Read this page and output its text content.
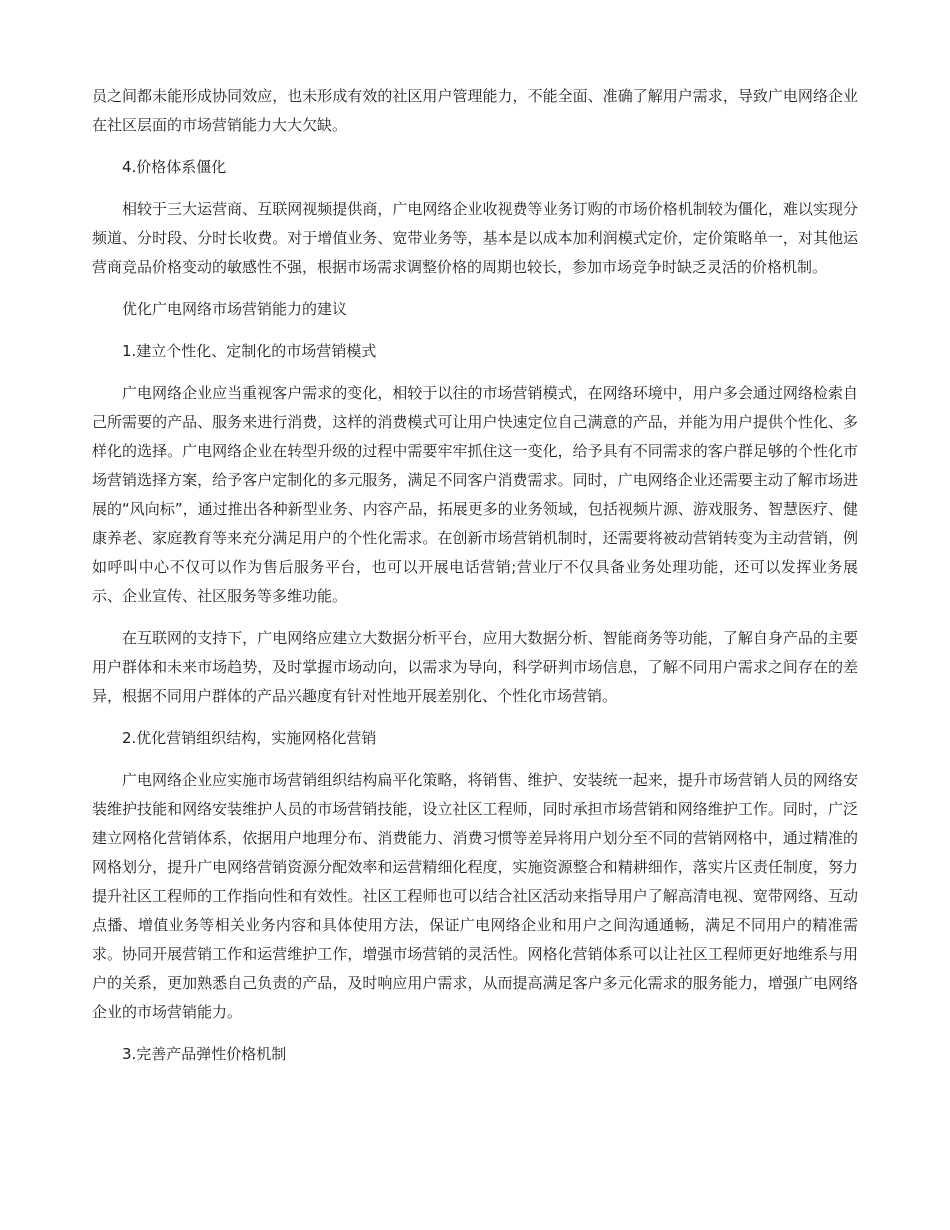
员之间都未能形成协同效应，也未形成有效的社区用户管理能力，不能全面、准确了解用户需求，导致广电网络企业在社区层面的市场营销能力大大欠缺。

4.价格体系僵化

相较于三大运营商、互联网视频提供商，广电网络企业收视费等业务订购的市场价格机制较为僵化，难以实现分频道、分时段、分时长收费。对于增值业务、宽带业务等，基本是以成本加利润模式定价，定价策略单一，对其他运营商竞品价格变动的敏感性不强，根据市场需求调整价格的周期也较长，参加市场竞争时缺乏灵活的价格机制。

优化广电网络市场营销能力的建议

1.建立个性化、定制化的市场营销模式

广电网络企业应当重视客户需求的变化，相较于以往的市场营销模式，在网络环境中，用户多会通过网络检索自己所需要的产品、服务来进行消费，这样的消费模式可让用户快速定位自己满意的产品，并能为用户提供个性化、多样化的选择。广电网络企业在转型升级的过程中需要牢牢抓住这一变化，给予具有不同需求的客户群足够的个性化市场营销选择方案，给予客户定制化的多元服务，满足不同客户消费需求。同时，广电网络企业还需要主动了解市场进展的“风向标”，通过推出各种新型业务、内容产品，拓展更多的业务领域，包括视频片源、游戏服务、智慧医疗、健康养老、家庭教育等来充分满足用户的个性化需求。在创新市场营销机制时，还需要将被动营销转变为主动营销，例如呼叫中心不仅可以作为售后服务平台，也可以开展电话营销;营业厅不仅具备业务处理功能，还可以发挥业务展示、企业宣传、社区服务等多维功能。

在互联网的支持下，广电网络应建立大数据分析平台，应用大数据分析、智能商务等功能，了解自身产品的主要用户群体和未来市场趋势，及时掌握市场动向，以需求为导向，科学研判市场信息，了解不同用户需求之间存在的差异，根据不同用户群体的产品兴趣度有针对性地开展差别化、个性化市场营销。

2.优化营销组织结构，实施网格化营销

广电网络企业应实施市场营销组织结构扁平化策略，将销售、维护、安装统一起来，提升市场营销人员的网络安装维护技能和网络安装维护人员的市场营销技能，设立社区工程师，同时承担市场营销和网络维护工作。同时，广泛建立网格化营销体系，依据用户地理分布、消费能力、消费习惯等差异将用户划分至不同的营销网格中，通过精准的网格划分，提升广电网络营销资源分配效率和运营精细化程度，实施资源整合和精耕细作，落实片区责任制度，努力提升社区工程师的工作指向性和有效性。社区工程师也可以结合社区活动来指导用户了解高清电视、宽带网络、互动点播、增值业务等相关业务内容和具体使用方法，保证广电网络企业和用户之间沟通通畅，满足不同用户的精准需求。协同开展营销工作和运营维护工作，增强市场营销的灵活性。网格化营销体系可以让社区工程师更好地维系与用户的关系，更加熟悉自己负责的产品，及时响应用户需求，从而提高满足客户多元化需求的服务能力，增强广电网络企业的市场营销能力。

3.完善产品弹性价格机制
